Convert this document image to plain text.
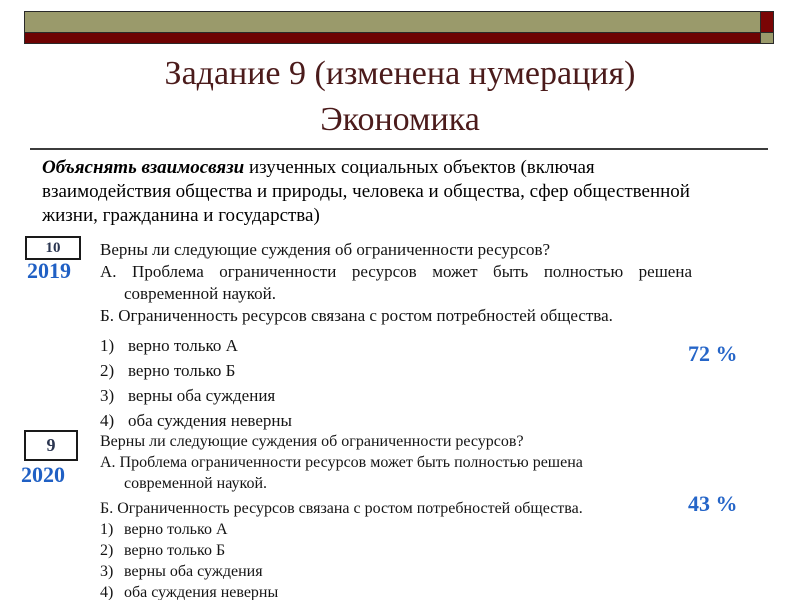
Задание 9 (изменена нумерация)
Экономика

Объяснять взаимосвязи изученных социальных объектов (включая взаимодействия общества и природы, человека и общества, сфер общественной жизни, гражданина и государства)

10
2019
Верны ли следующие суждения об ограниченности ресурсов?
А. Проблема ограниченности ресурсов может быть полностью решена
современной наукой.
Б. Ограниченность ресурсов связана с ростом потребностей общества.
1) верно только А
2) верно только Б
3) верны оба суждения
4) оба суждения неверны
72 %
9
2020
Верны ли следующие суждения об ограниченности ресурсов?
А. Проблема ограниченности ресурсов может быть полностью решена
современной наукой.
Б. Ограниченность ресурсов связана с ростом потребностей общества.
1) верно только А
2) верно только Б
3) верны оба суждения
4) оба суждения неверны
43 %
